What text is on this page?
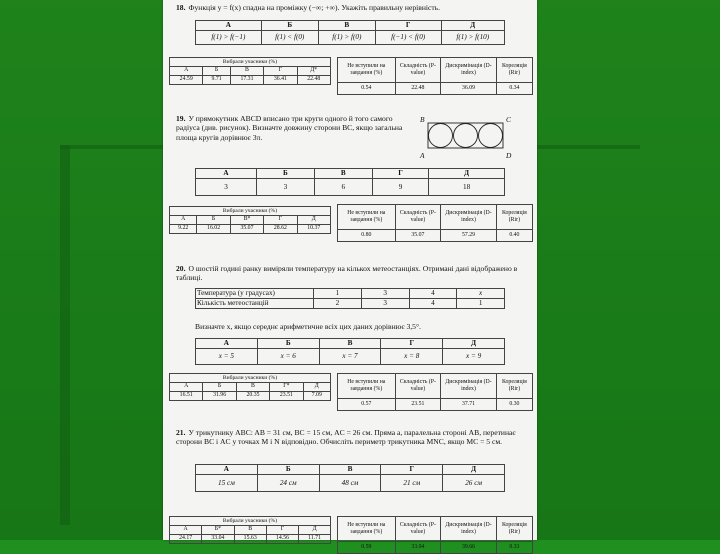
18. Функція y = f(x) спадна на проміжку (−∞; +∞). Укажіть правильну нерівність.
А	Б	В	Г	Д
f(1) > f(−1)	f(1) < f(0)	f(1) > f(0)	f(−1) < f(0)	f(1) > f(10)
Вибрали учасники (%)				
А	Б	В	Г	Д*
24.59	9.71	17.31	36.41	22.48
Не вступили на завдання (%)	Складність (P-value)	Дискримінація (D-index)	Кореляція (Rir)
0.54	22.48	36.09	0.34
19. У прямокутник ABCD вписано три круги одного й того самого радіуса (див. рисунок). Визначте довжину сторони BC, якщо загальна площа кругів дорівнює 3π.
B	C
A	D
А	Б	В	Г	Д
3	3	6	9	18
Вибрали учасники (%)				
А	Б	В*	Г	Д
9.22	16.02	35.07	28.62	10.37
Не вступили на завдання (%)	Складність (P-value)	Дискримінація (D-index)	Кореляція (Rir)
0.80	35.07	57.29	0.40
20. О шостій годині ранку виміряли температуру на кількох метеостанціях. Отримані дані відображено в таблиці.
Температура (у градусах)	1	3	4	x
Кількість метеостанцій	2	3	4	1
Визначте x, якщо середнє арифметичне всіх цих даних дорівнює 3,5°.
А	Б	В	Г	Д
x = 5	x = 6	x = 7	x = 8	x = 9
Вибрали учасники (%)				
А	Б	В	Г*	Д
16.51	31.96	20.35	23.51	7.09
Не вступили на завдання (%)	Складність (P-value)	Дискримінація (D-index)	Кореляція (Rir)
0.57	23.51	37.71	0.30
21. У трикутнику ABC: AB = 31 см, BC = 15 см, AC = 26 см. Пряма a, паралельна стороні AB, перетинає сторони BC і AC у точках M і N відповідно. Обчисліть периметр трикутника MNC, якщо MC = 5 см.
А	Б	В	Г	Д
15 см	24 см	48 см	21 см	26 см
Вибрали учасники (%)				
А	Б*	В	Г	Д
24.17	33.04	15.63	14.56	11.71
Не вступили на завдання (%)	Складність (P-value)	Дискримінація (D-index)	Кореляція (Rir)
0.59	33.04	39.66	0.33
